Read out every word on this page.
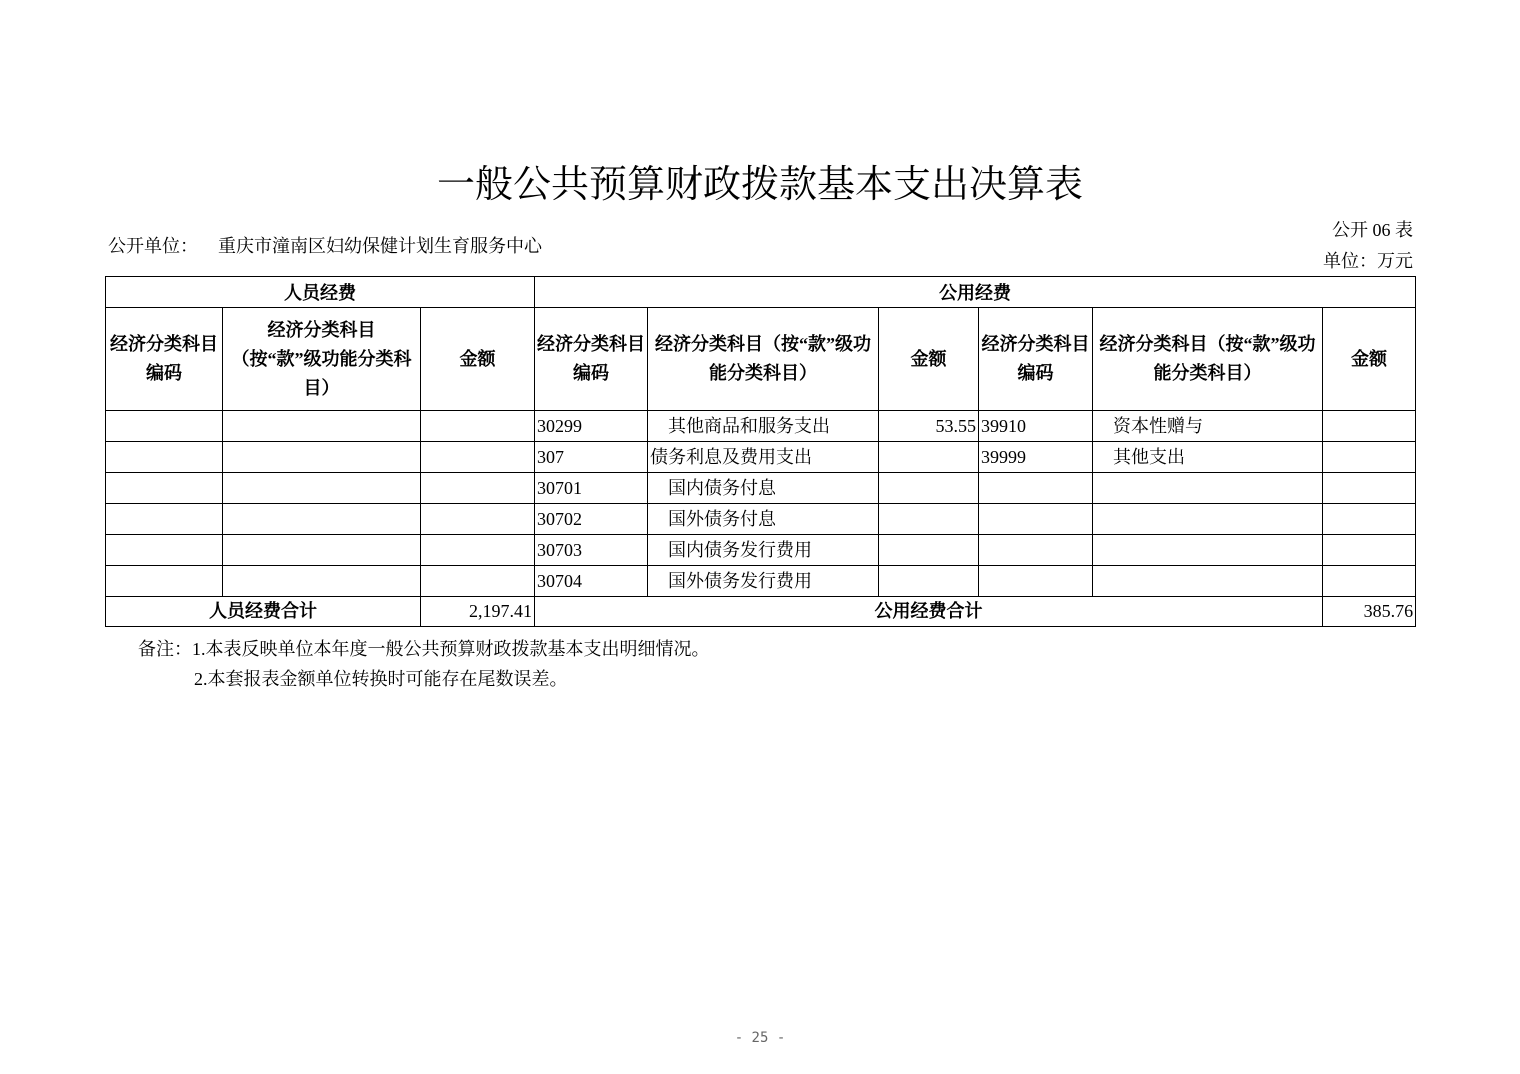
一般公共预算财政拨款基本支出决算表
公开单位： 重庆市潼南区妇幼保健计划生育服务中心
公开 06 表
单位：万元
人员经费			公用经费					
经济分类科目编码	经济分类科目（按“款”级功能分类科目）	金额	经济分类科目编码	经济分类科目（按“款”级功能分类科目）	金额	经济分类科目编码	经济分类科目（按“款”级功能分类科目）	金额
			30299	其他商品和服务支出	53.55	39910	资本性赠与	
			307	债务利息及费用支出		39999	其他支出	
			30701	国内债务付息				
			30702	国外债务付息				
			30703	国内债务发行费用				
			30704	国外债务发行费用				
人员经费合计		2,197.41	公用经费合计					385.76
备注：1.本表反映单位本年度一般公共预算财政拨款基本支出明细情况。
2.本套报表金额单位转换时可能存在尾数误差。
- 25 -
